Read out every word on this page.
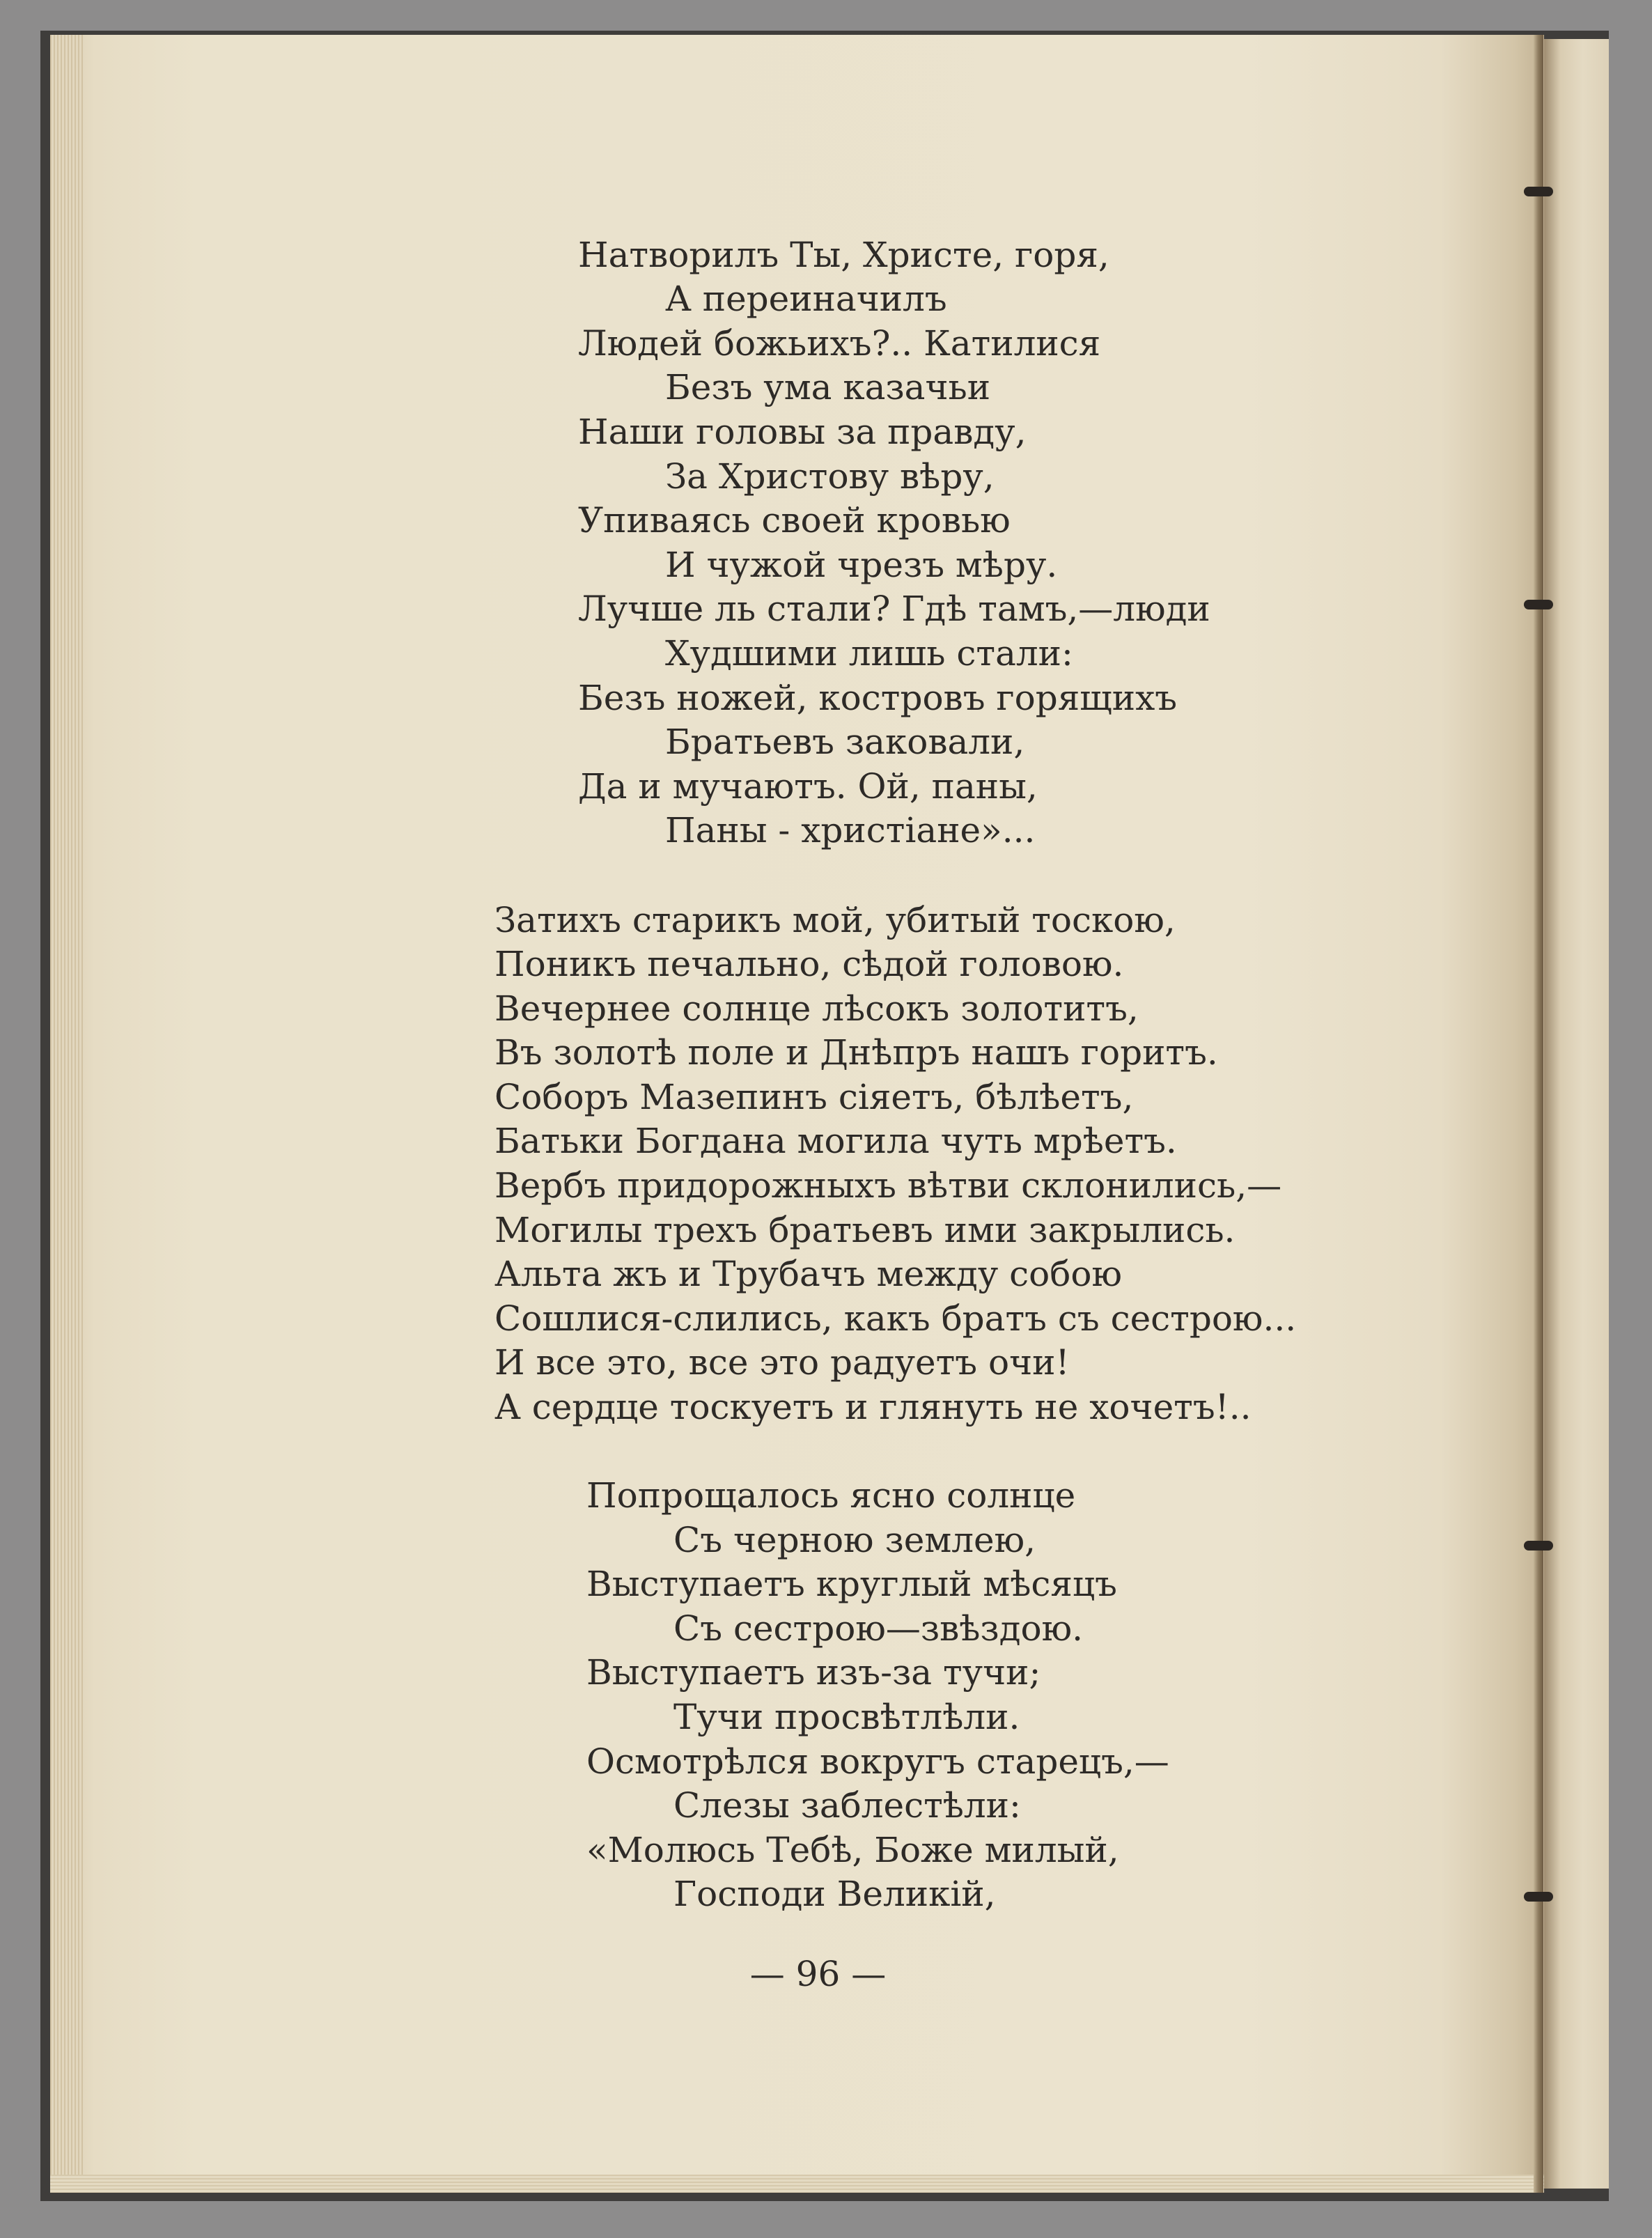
Натворилъ Ты, Христе, горя,
А переиначилъ
Людей божьихъ?.. Катилися
Безъ ума казачьи
Наши головы за правду,
За Христову вѣру,
Упиваясь своей кровью
И чужой чрезъ мѣру.
Лучше ль стали? Гдѣ тамъ,—люди
Худшими лишь стали:
Безъ ножей, костровъ горящихъ
Братьевъ заковали,
Да и мучаютъ. Ой, паны,
Паны - христіане»...
Затихъ старикъ мой, убитый тоскою,
Поникъ печально, сѣдой головою.
Вечернее солнце лѣсокъ золотитъ,
Въ золотѣ поле и Днѣпръ нашъ горитъ.
Соборъ Мазепинъ сіяетъ, бѣлѣетъ,
Батьки Богдана могила чуть мрѣетъ.
Вербъ придорожныхъ вѣтви склонились,—
Могилы трехъ братьевъ ими закрылись.
Альта жъ и Трубачъ между собою
Сошлися-слились, какъ братъ съ сестрою...
И все это, все это радуетъ очи!
А сердце тоскуетъ и глянуть не хочетъ!..
Попрощалось ясно солнце
Съ черною землею,
Выступаетъ круглый мѣсяцъ
Съ сестрою—звѣздою.
Выступаетъ изъ-за тучи;
Тучи просвѣтлѣли.
Осмотрѣлся вокругъ старецъ,—
Слезы заблестѣли:
«Молюсь Тебѣ, Боже милый,
Господи Великій,
— 96 —
